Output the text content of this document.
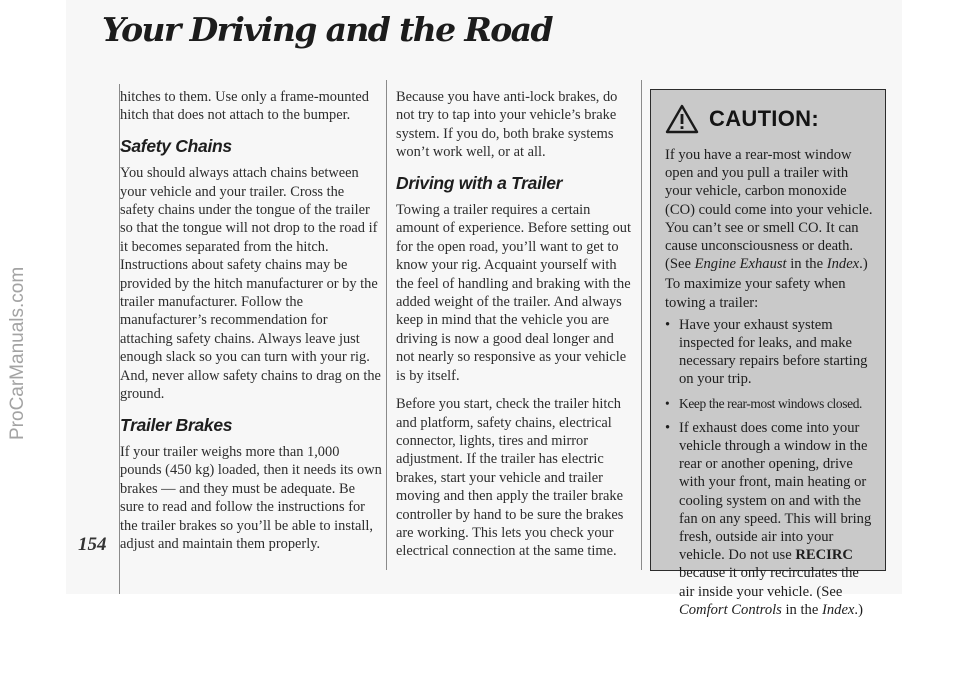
ProCarManuals.com
Your Driving and the Road
154

hitches to them. Use only a frame-mounted hitch that does not attach to the bumper.

Safety Chains

You should always attach chains between your vehicle and your trailer. Cross the safety chains under the tongue of the trailer so that the tongue will not drop to the road if it becomes separated from the hitch. Instructions about safety chains may be provided by the hitch manufacturer or by the trailer manufacturer. Follow the manufacturer’s recommendation for attaching safety chains. Always leave just enough slack so you can turn with your rig. And, never allow safety chains to drag on the ground.

Trailer Brakes

If your trailer weighs more than 1,000 pounds (450 kg) loaded, then it needs its own brakes — and they must be adequate. Be sure to read and follow the instructions for the trailer brakes so you’ll be able to install, adjust and maintain them properly.

Because you have anti-lock brakes, do not try to tap into your vehicle’s brake system. If you do, both brake systems won’t work well, or at all.

Driving with a Trailer

Towing a trailer requires a certain amount of experience. Before setting out for the open road, you’ll want to get to know your rig. Acquaint yourself with the feel of handling and braking with the added weight of the trailer. And always keep in mind that the vehicle you are driving is now a good deal longer and not nearly so responsive as your vehicle is by itself.

Before you start, check the trailer hitch and platform, safety chains, electrical connector, lights, tires and mirror adjustment. If the trailer has electric brakes, start your vehicle and trailer moving and then apply the trailer brake controller by hand to be sure the brakes are working. This lets you check your electrical connection at the same time.

CAUTION:

If you have a rear-most window open and you pull a trailer with your vehicle, carbon monoxide (CO) could come into your vehicle. You can’t see or smell CO. It can cause unconsciousness or death. (See Engine Exhaust in the Index.)

To maximize your safety when towing a trailer:

• Have your exhaust system inspected for leaks, and make necessary repairs before starting on your trip.
• Keep the rear-most windows closed.
• If exhaust does come into your vehicle through a window in the rear or another opening, drive with your front, main heating or cooling system on and with the fan on any speed. This will bring fresh, outside air into your vehicle. Do not use RECIRC because it only recirculates the air inside your vehicle. (See Comfort Controls in the Index.)
